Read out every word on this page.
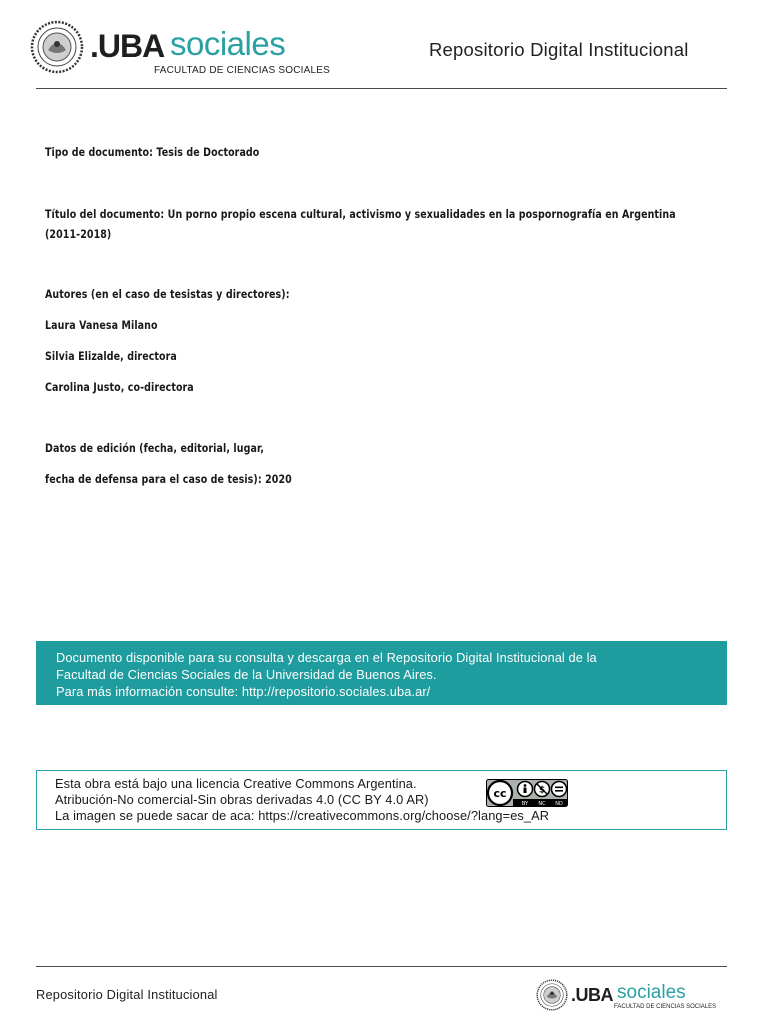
.UBA sociales
FACULTAD DE CIENCIAS SOCIALES
Repositorio Digital Institucional
Tipo de documento: Tesis de Doctorado
Título del documento: Un porno propio escena cultural, activismo y sexualidades en la pospornografía en Argentina
(2011-2018)
Autores (en el caso de tesistas y directores):
Laura Vanesa Milano
Silvia Elizalde, directora
Carolina Justo, co-directora
Datos de edición (fecha, editorial, lugar,
fecha de defensa para el caso de tesis): 2020
Documento disponible para su consulta y descarga en el Repositorio Digital Institucional de la
Facultad de Ciencias Sociales de la Universidad de Buenos Aires.
Para más información consulte: http://repositorio.sociales.uba.ar/
Esta obra está bajo una licencia Creative Commons Argentina.
Atribución-No comercial-Sin obras derivadas 4.0 (CC BY 4.0 AR)
La imagen se puede sacar de aca: https://creativecommons.org/choose/?lang=es_AR
cc	$
BY NC ND
Repositorio Digital Institucional	.UBA sociales
FACULTAD DE CIENCIAS SOCIALES
